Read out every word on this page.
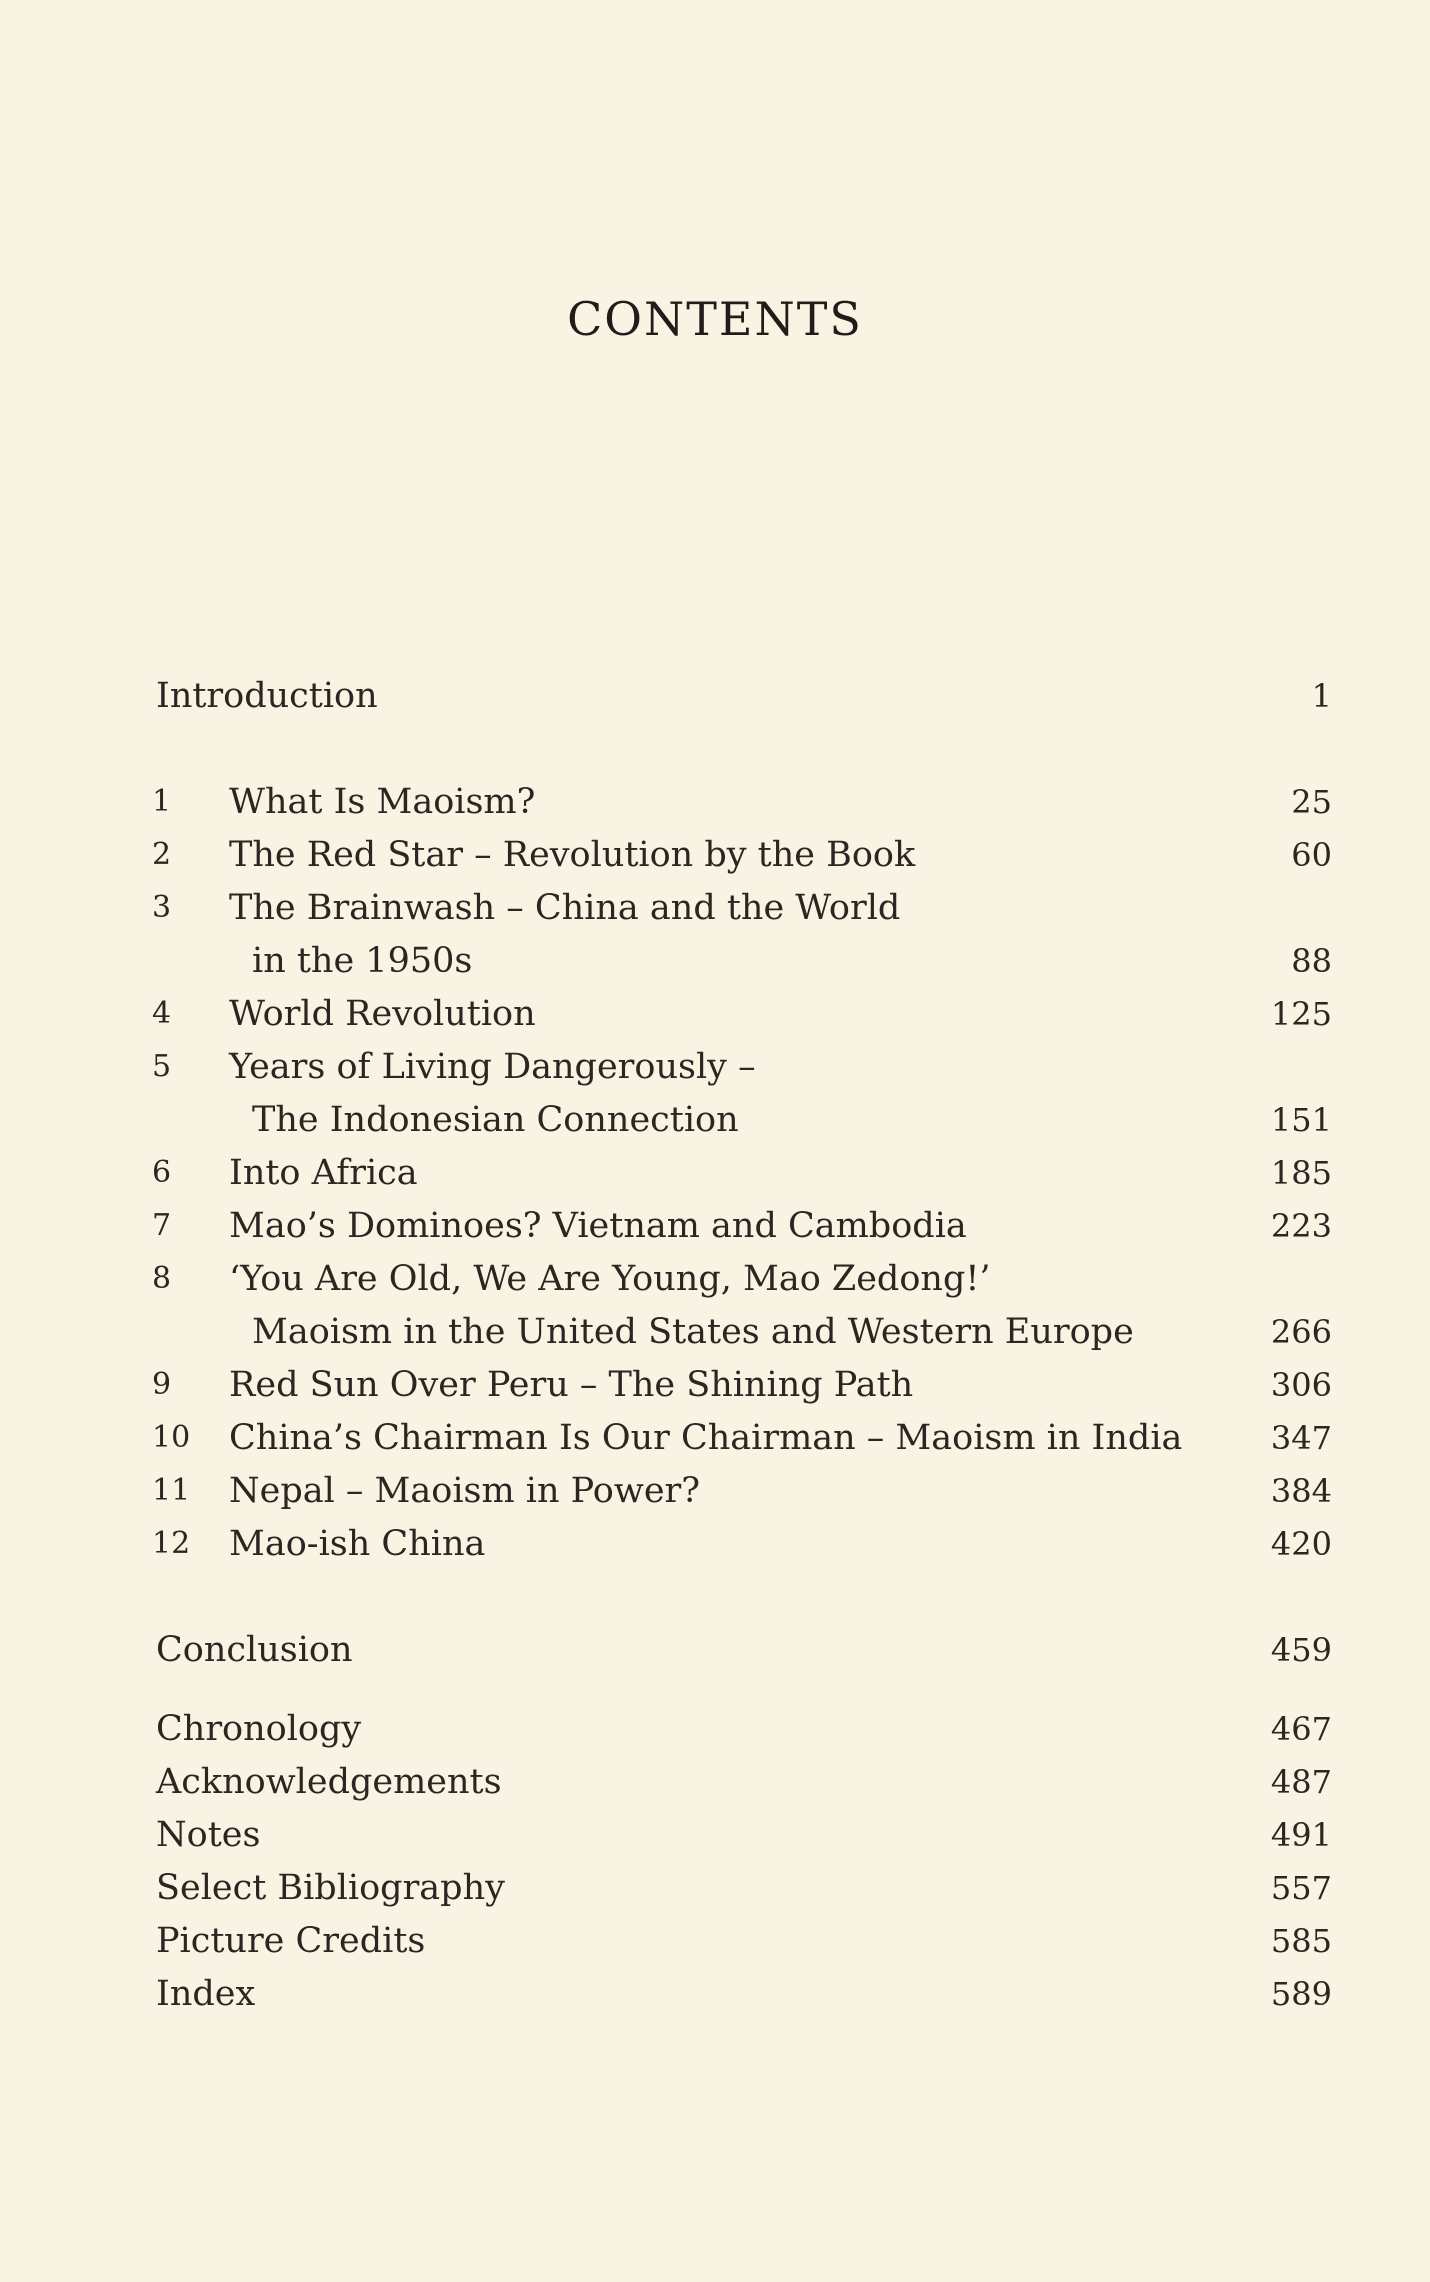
CONTENTS
Introduction	1
1	What Is Maoism?	25
2	The Red Star – Revolution by the Book	60
3	The Brainwash – China and the World
in the 1950s	88
4	World Revolution	125
5	Years of Living Dangerously –
The Indonesian Connection	151
6	Into Africa	185
7	Mao’s Dominoes? Vietnam and Cambodia	223
8	‘You Are Old, We Are Young, Mao Zedong!’
Maoism in the United States and Western Europe	266
9	Red Sun Over Peru – The Shining Path	306
10 China’s Chairman Is Our Chairman – Maoism in India	347
11 Nepal – Maoism in Power?	384
12 Mao-ish China	420
Conclusion	459
Chronology	467
Acknowledgements	487
Notes	491
Select Bibliography	557
Picture Credits	585
Index	589
